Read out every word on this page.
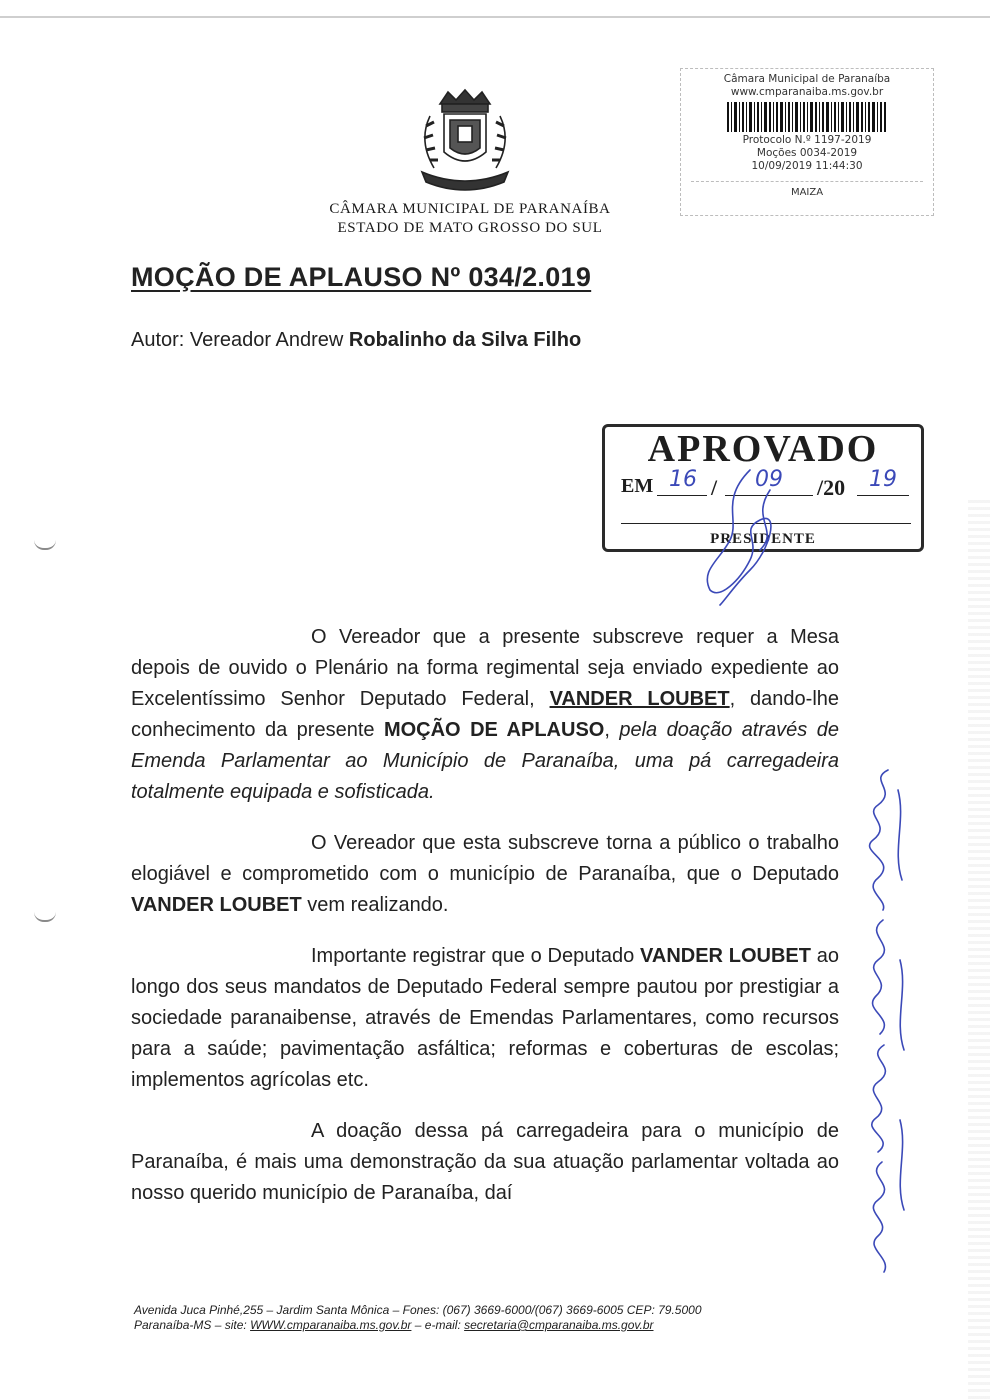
CÂMARA MUNICIPAL DE PARANAÍBA
ESTADO DE MATO GROSSO DO SUL
Câmara Municipal de Paranaíba
www.cmparanaiba.ms.gov.br
Protocolo N.º 1197-2019
Moções 0034-2019
10/09/2019 11:44:30
MAIZA
MOÇÃO DE APLAUSO Nº 034/2.019
Autor: Vereador Andrew Robalinho da Silva Filho
APROVADO
EM 16 / 09 /20 19
PRESIDENTE

O Vereador que a presente subscreve requer a Mesa depois de ouvido o Plenário na forma regimental seja enviado expediente ao Excelentíssimo Senhor Deputado Federal, VANDER LOUBET, dando-lhe conhecimento da presente MOÇÃO DE APLAUSO, pela doação através de Emenda Parlamentar ao Município de Paranaíba, uma pá carregadeira totalmente equipada e sofisticada.

O Vereador que esta subscreve torna a público o trabalho elogiável e comprometido com o município de Paranaíba, que o Deputado VANDER LOUBET vem realizando.

Importante registrar que o Deputado VANDER LOUBET ao longo dos seus mandatos de Deputado Federal sempre pautou por prestigiar a sociedade paranaibense, através de Emendas Parlamentares, como recursos para a saúde; pavimentação asfáltica; reformas e coberturas de escolas; implementos agrícolas etc.

A doação dessa pá carregadeira para o município de Paranaíba, é mais uma demonstração da sua atuação parlamentar voltada ao nosso querido município de Paranaíba, daí

Avenida Juca Pinhé,255 – Jardim Santa Mônica – Fones: (067) 3669-6000/(067) 3669-6005 CEP: 79.5000
Paranaíba-MS – site: WWW.cmparanaiba.ms.gov.br – e-mail: secretaria@cmparanaiba.ms.gov.br
